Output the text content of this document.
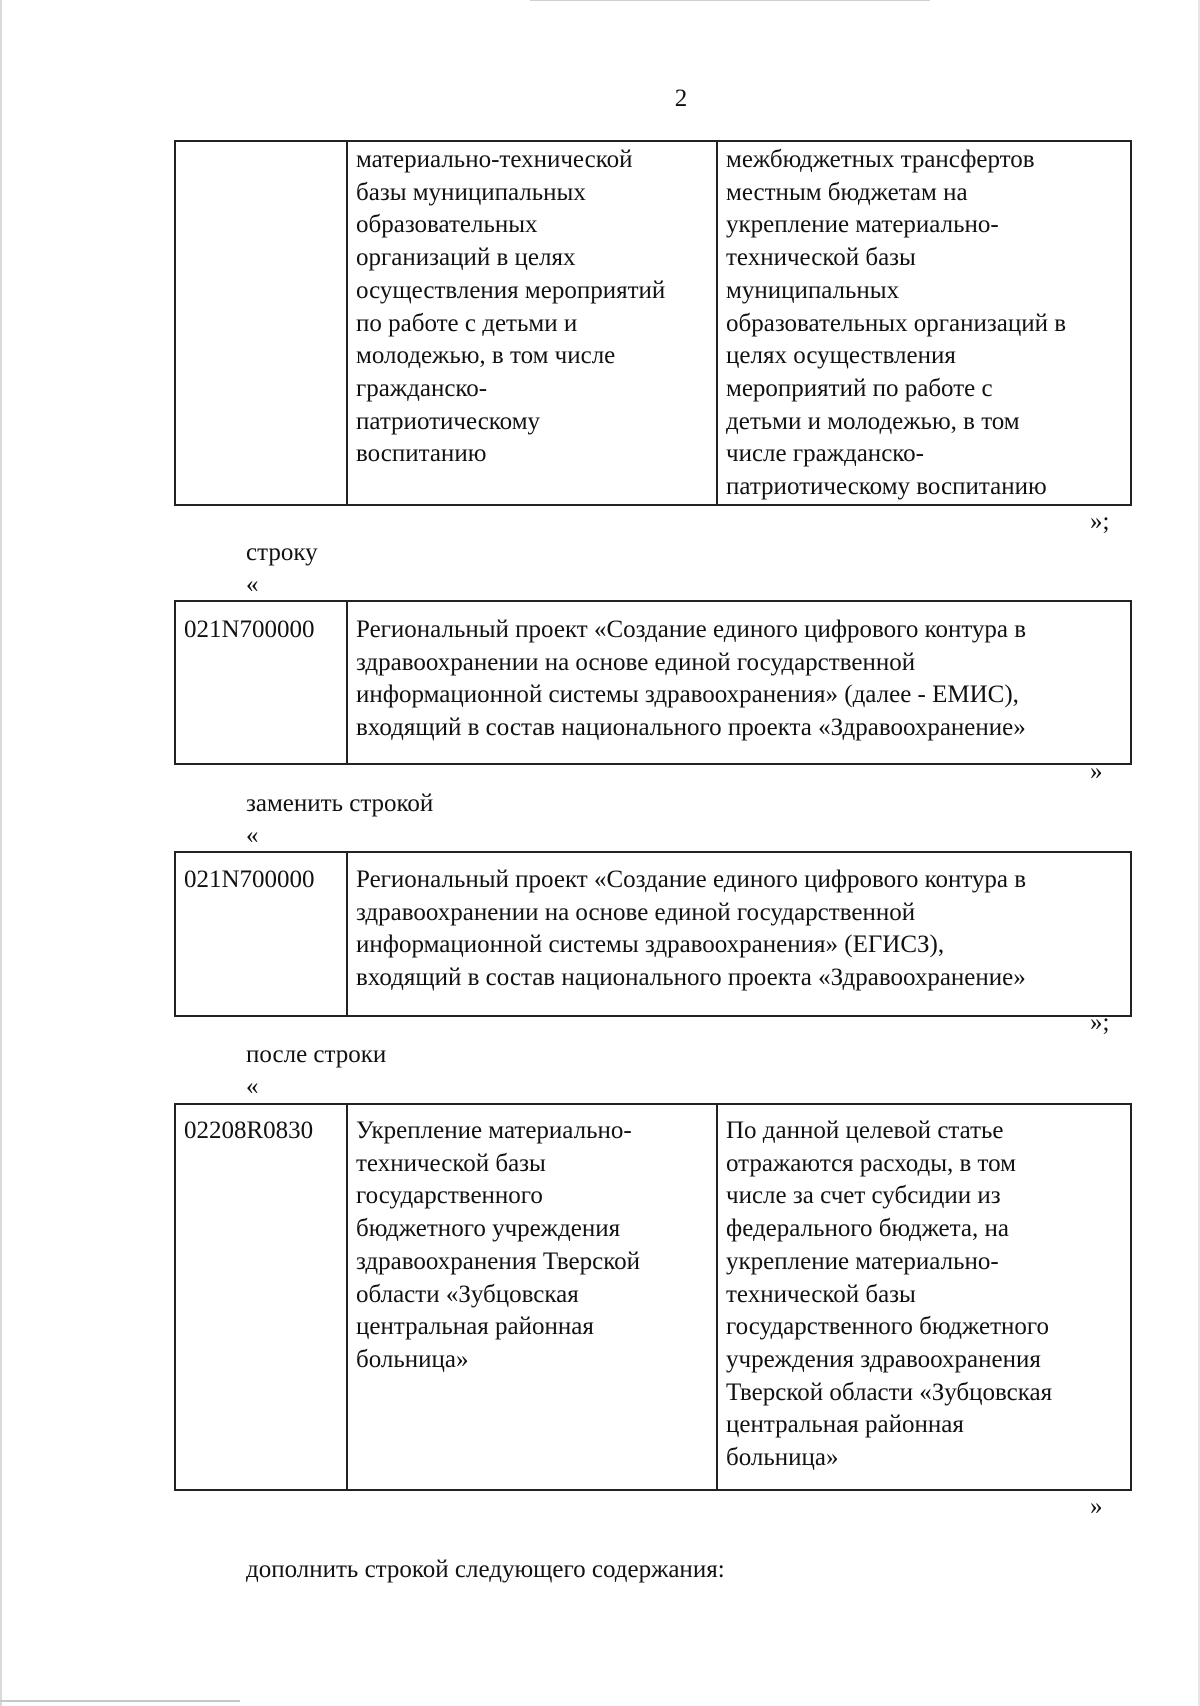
2
	материально-технической
базы муниципальных
образовательных
организаций в целях
осуществления мероприятий
по работе с детьми и
молодежью, в том числе
гражданско-
патриотическому
воспитанию	межбюджетных трансфертов
местным бюджетам на
укрепление материально-
технической базы
муниципальных
образовательных организаций в
целях осуществления
мероприятий по работе с
детьми и молодежью, в том
числе гражданско-
патриотическому воспитанию
»;
строку
«
021N700000	Региональный проект «Создание единого цифрового контура в
здравоохранении на основе единой государственной
информационной системы здравоохранения» (далее - ЕМИС),
входящий в состав национального проекта «Здравоохранение»
»
заменить строкой
«
021N700000	Региональный проект «Создание единого цифрового контура в
здравоохранении на основе единой государственной
информационной системы здравоохранения» (ЕГИСЗ),
входящий в состав национального проекта «Здравоохранение»
»;
после строки
«
02208R0830	Укрепление материально-
технической базы
государственного
бюджетного учреждения
здравоохранения Тверской
области «Зубцовская
центральная районная
больница»	По данной целевой статье
отражаются расходы, в том
числе за счет субсидии из
федерального бюджета, на
укрепление материально-
технической базы
государственного бюджетного
учреждения здравоохранения
Тверской области «Зубцовская
центральная районная
больница»
»
дополнить строкой следующего содержания:
